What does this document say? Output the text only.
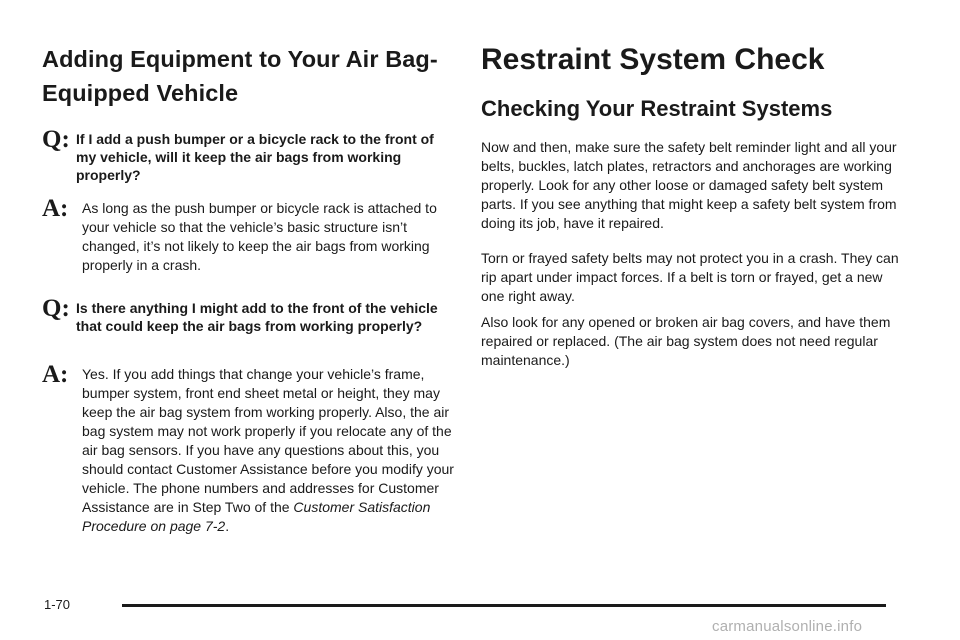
Adding Equipment to Your Air Bag-Equipped Vehicle
Q: If I add a push bumper or a bicycle rack to the front of my vehicle, will it keep the air bags from working properly?

A: As long as the push bumper or bicycle rack is attached to your vehicle so that the vehicle’s basic structure isn’t changed, it’s not likely to keep the air bags from working properly in a crash.

Q: Is there anything I might add to the front of the vehicle that could keep the air bags from working properly?

A: Yes. If you add things that change your vehicle’s frame, bumper system, front end sheet metal or height, they may keep the air bag system from working properly. Also, the air bag system may not work properly if you relocate any of the air bag sensors. If you have any questions about this, you should contact Customer Assistance before you modify your vehicle. The phone numbers and addresses for Customer Assistance are in Step Two of the Customer Satisfaction Procedure on page 7-2.

Restraint System Check
Checking Your Restraint Systems

Now and then, make sure the safety belt reminder light and all your belts, buckles, latch plates, retractors and anchorages are working properly. Look for any other loose or damaged safety belt system parts. If you see anything that might keep a safety belt system from doing its job, have it repaired.

Torn or frayed safety belts may not protect you in a crash. They can rip apart under impact forces. If a belt is torn or frayed, get a new one right away.

Also look for any opened or broken air bag covers, and have them repaired or replaced. (The air bag system does not need regular maintenance.)

1-70
carmanualsonline.info
